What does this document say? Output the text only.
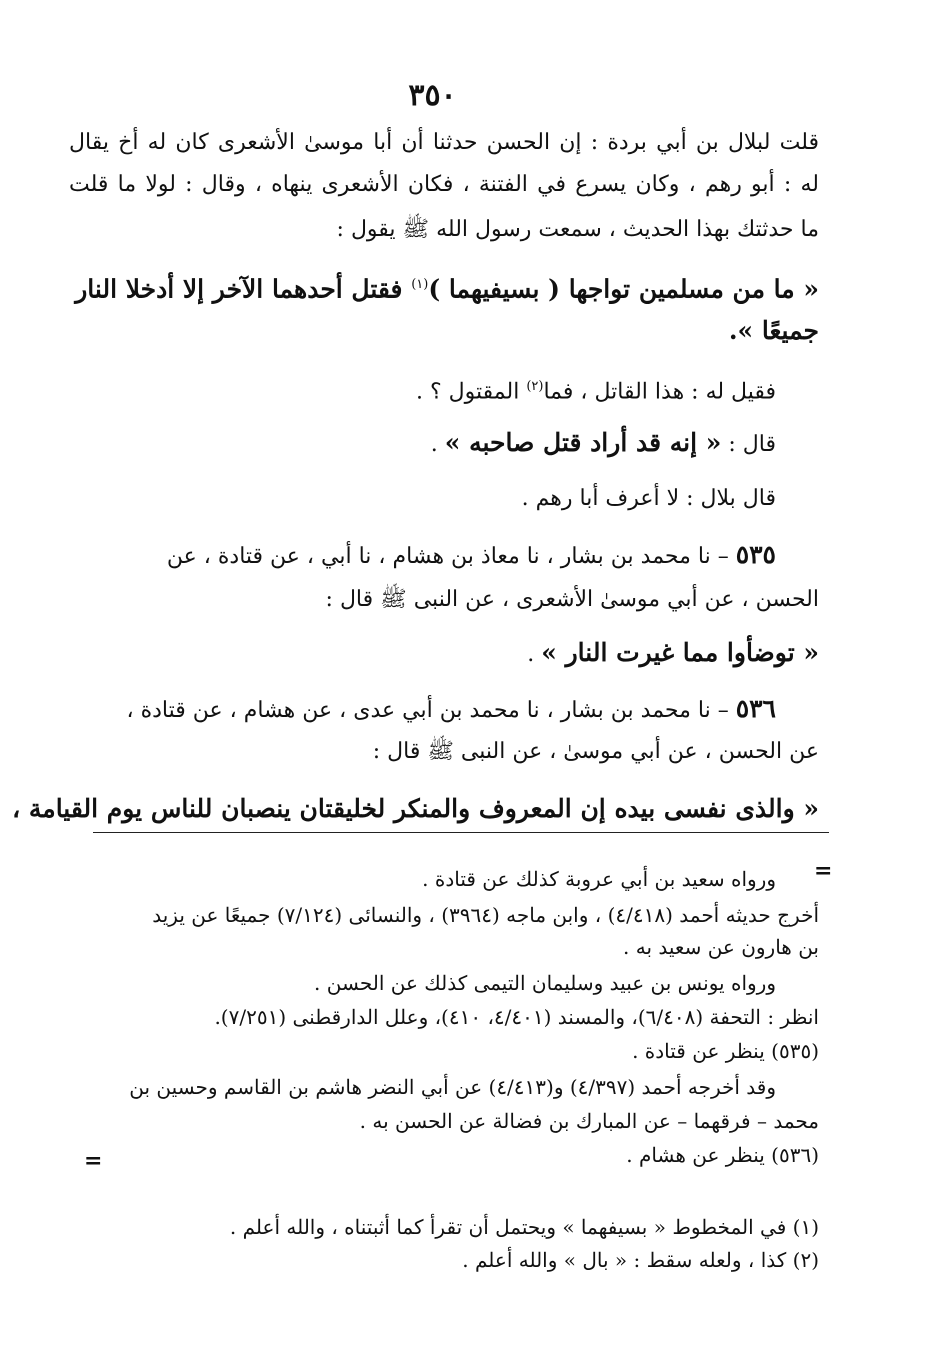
٣٥٠
قلت لبلال بن أبي بردة : إن الحسن حدثنا أن أبا موسىٰ الأشعرى كان له أخ يقال
له : أبو رهم ، وكان يسرع في الفتنة ، فكان الأشعرى ينهاه ، وقال : لولا ما قلت
ما حدثتك بهذا الحديث ، سمعت رسول الله ﷺ يقول :
« ما من مسلمين تواجها ( بسيفيهما )$^{(١)}$ فقتل أحدهما الآخر إلا أدخلا النار
جميعًا ».
فقيل له : هذا القاتل ، فما$^{(٢)}$ المقتول ؟ .
قال : « إنه قد أراد قتل صاحبه » .
قال بلال : لا أعرف أبا رهم .
٥٣٥ – نا محمد بن بشار ، نا معاذ بن هشام ، نا أبي ، عن قتادة ، عن
الحسن ، عن أبي موسىٰ الأشعرى ، عن النبى ﷺ قال :
« توضأوا مما غيرت النار » .
٥٣٦ – نا محمد بن بشار ، نا محمد بن أبي عدى ، عن هشام ، عن قتادة ،
عن الحسن ، عن أبي موسىٰ ، عن النبى ﷺ قال :
« والذى نفسى بيده إن المعروف والمنكر لخليقتان ينصبان للناس يوم القيامة ،
=
ورواه سعيد بن أبي عروبة كذلك عن قتادة .
أخرج حديثه أحمد (٤/٤١٨) ، وابن ماجه (٣٩٦٤) ، والنسائى (٧/١٢٤) جميعًا عن يزيد
بن هارون عن سعيد به .
ورواه يونس بن عبيد وسليمان التيمى كذلك عن الحسن .
انظر : التحفة (٦/٤٠٨)، والمسند (٤/٤٠١، ٤١٠)، وعلل الدارقطنى (٧/٢٥١).
(٥٣٥) ينظر عن قتادة .
وقد أخرجه أحمد (٤/٣٩٧) و(٤/٤١٣) عن أبي النضر هاشم بن القاسم وحسين بن
محمد – فرقهما – عن المبارك بن فضالة عن الحسن به .
(٥٣٦) ينظر عن هشام .
=
(١) في المخطوط « بسيفهما » ويحتمل أن تقرأ كما أثبتناه ، والله أعلم .
(٢) كذا ، ولعله سقط : « بال » والله أعلم .
